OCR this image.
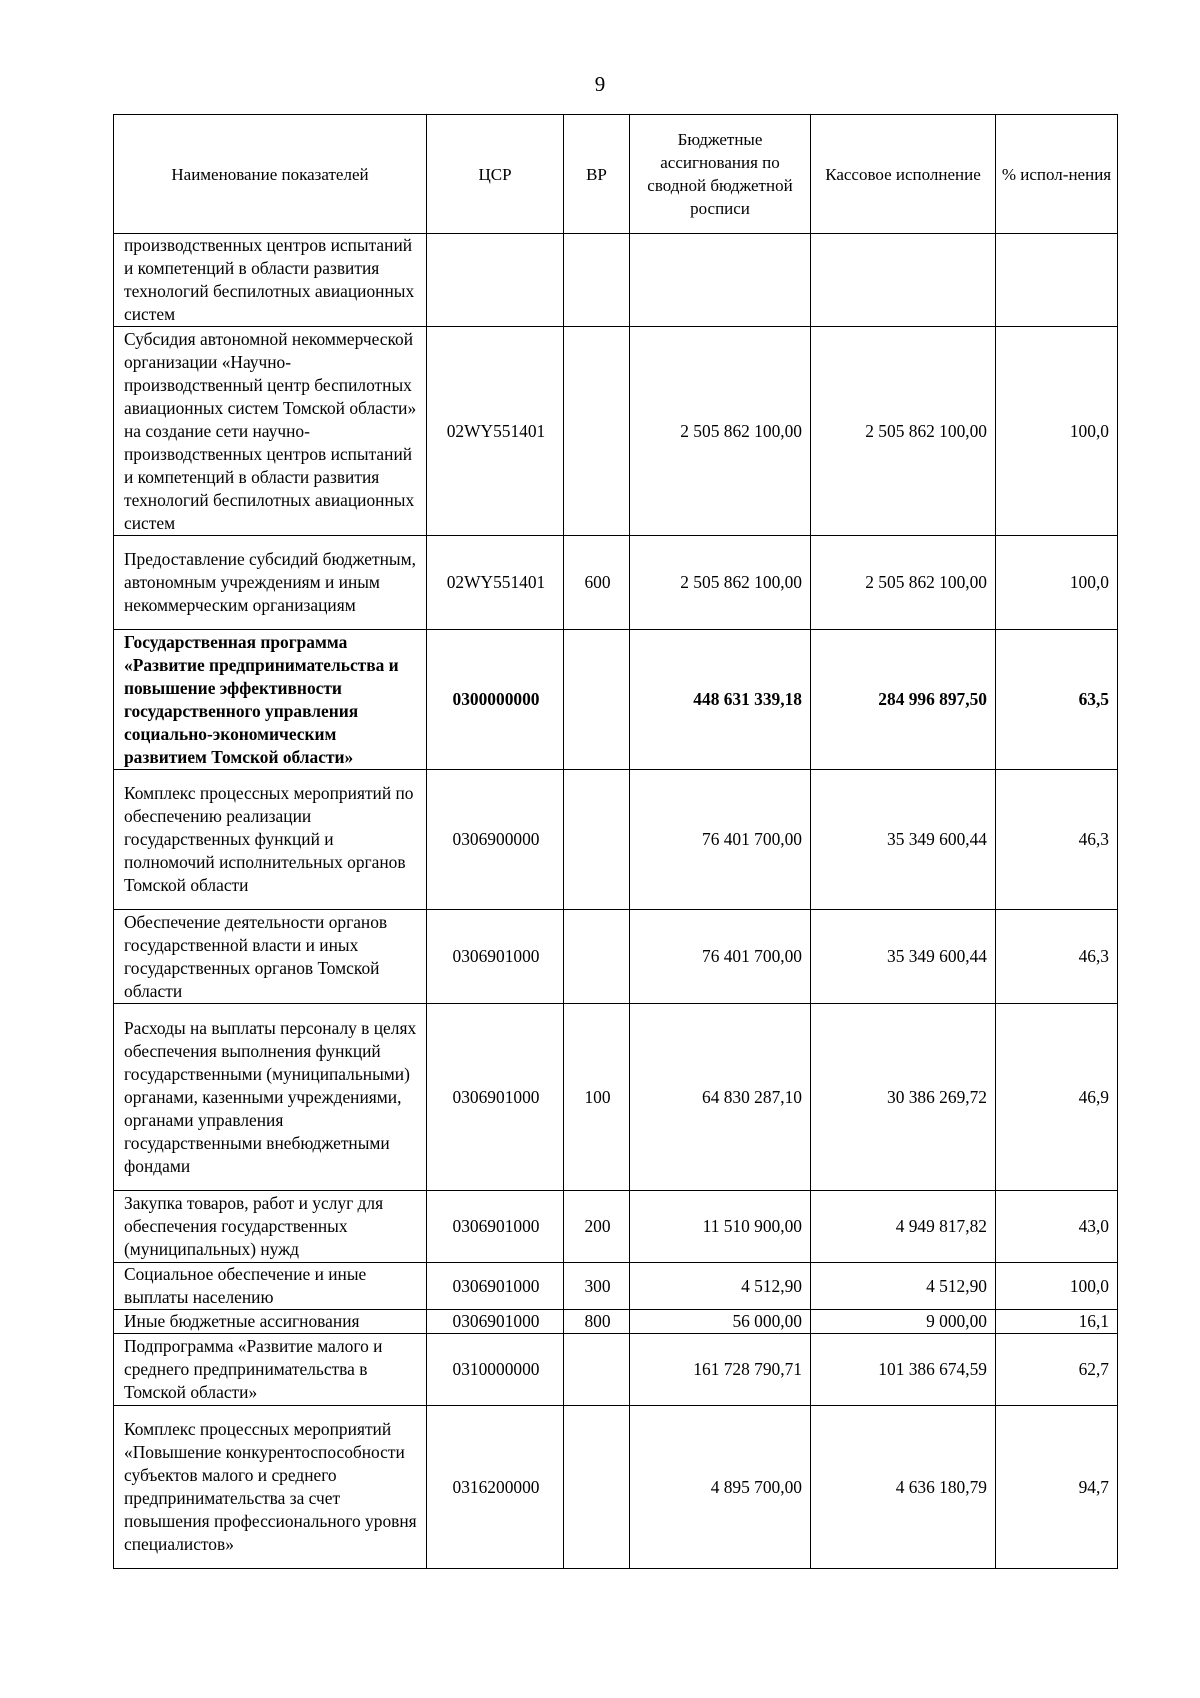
9
Наименование показателей	ЦСР	ВР	Бюджетные ассигнования по сводной бюджетной росписи	Кассовое исполнение	% испол-нения
производственных центров испытаний и компетенций в области развития технологий беспилотных авиационных систем					
Субсидия автономной некоммерческой организации «Научно-производственный центр беспилотных авиационных систем Томской области» на создание сети научно-производственных центров испытаний и компетенций в области развития технологий беспилотных авиационных систем	02WY551401		2 505 862 100,00	2 505 862 100,00	100,0
Предоставление субсидий бюджетным, автономным учреждениям и иным некоммерческим организациям	02WY551401	600	2 505 862 100,00	2 505 862 100,00	100,0
Государственная программа «Развитие предпринимательства и повышение эффективности государственного управления социально-экономическим развитием Томской области»	0300000000		448 631 339,18	284 996 897,50	63,5
Комплекс процессных мероприятий по обеспечению реализации государственных функций и полномочий исполнительных органов Томской области	0306900000		76 401 700,00	35 349 600,44	46,3
Обеспечение деятельности органов государственной власти и иных государственных органов Томской области	0306901000		76 401 700,00	35 349 600,44	46,3
Расходы на выплаты персоналу в целях обеспечения выполнения функций государственными (муниципальными) органами, казенными учреждениями, органами управления государственными внебюджетными фондами	0306901000	100	64 830 287,10	30 386 269,72	46,9
Закупка товаров, работ и услуг для обеспечения государственных (муниципальных) нужд	0306901000	200	11 510 900,00	4 949 817,82	43,0
Социальное обеспечение и иные выплаты населению	0306901000	300	4 512,90	4 512,90	100,0
Иные бюджетные ассигнования	0306901000	800	56 000,00	9 000,00	16,1
Подпрограмма «Развитие малого и среднего предпринимательства в Томской области»	0310000000		161 728 790,71	101 386 674,59	62,7
Комплекс процессных мероприятий «Повышение конкурентоспособности субъектов малого и среднего предпринимательства за счет повышения профессионального уровня специалистов»	0316200000		4 895 700,00	4 636 180,79	94,7
